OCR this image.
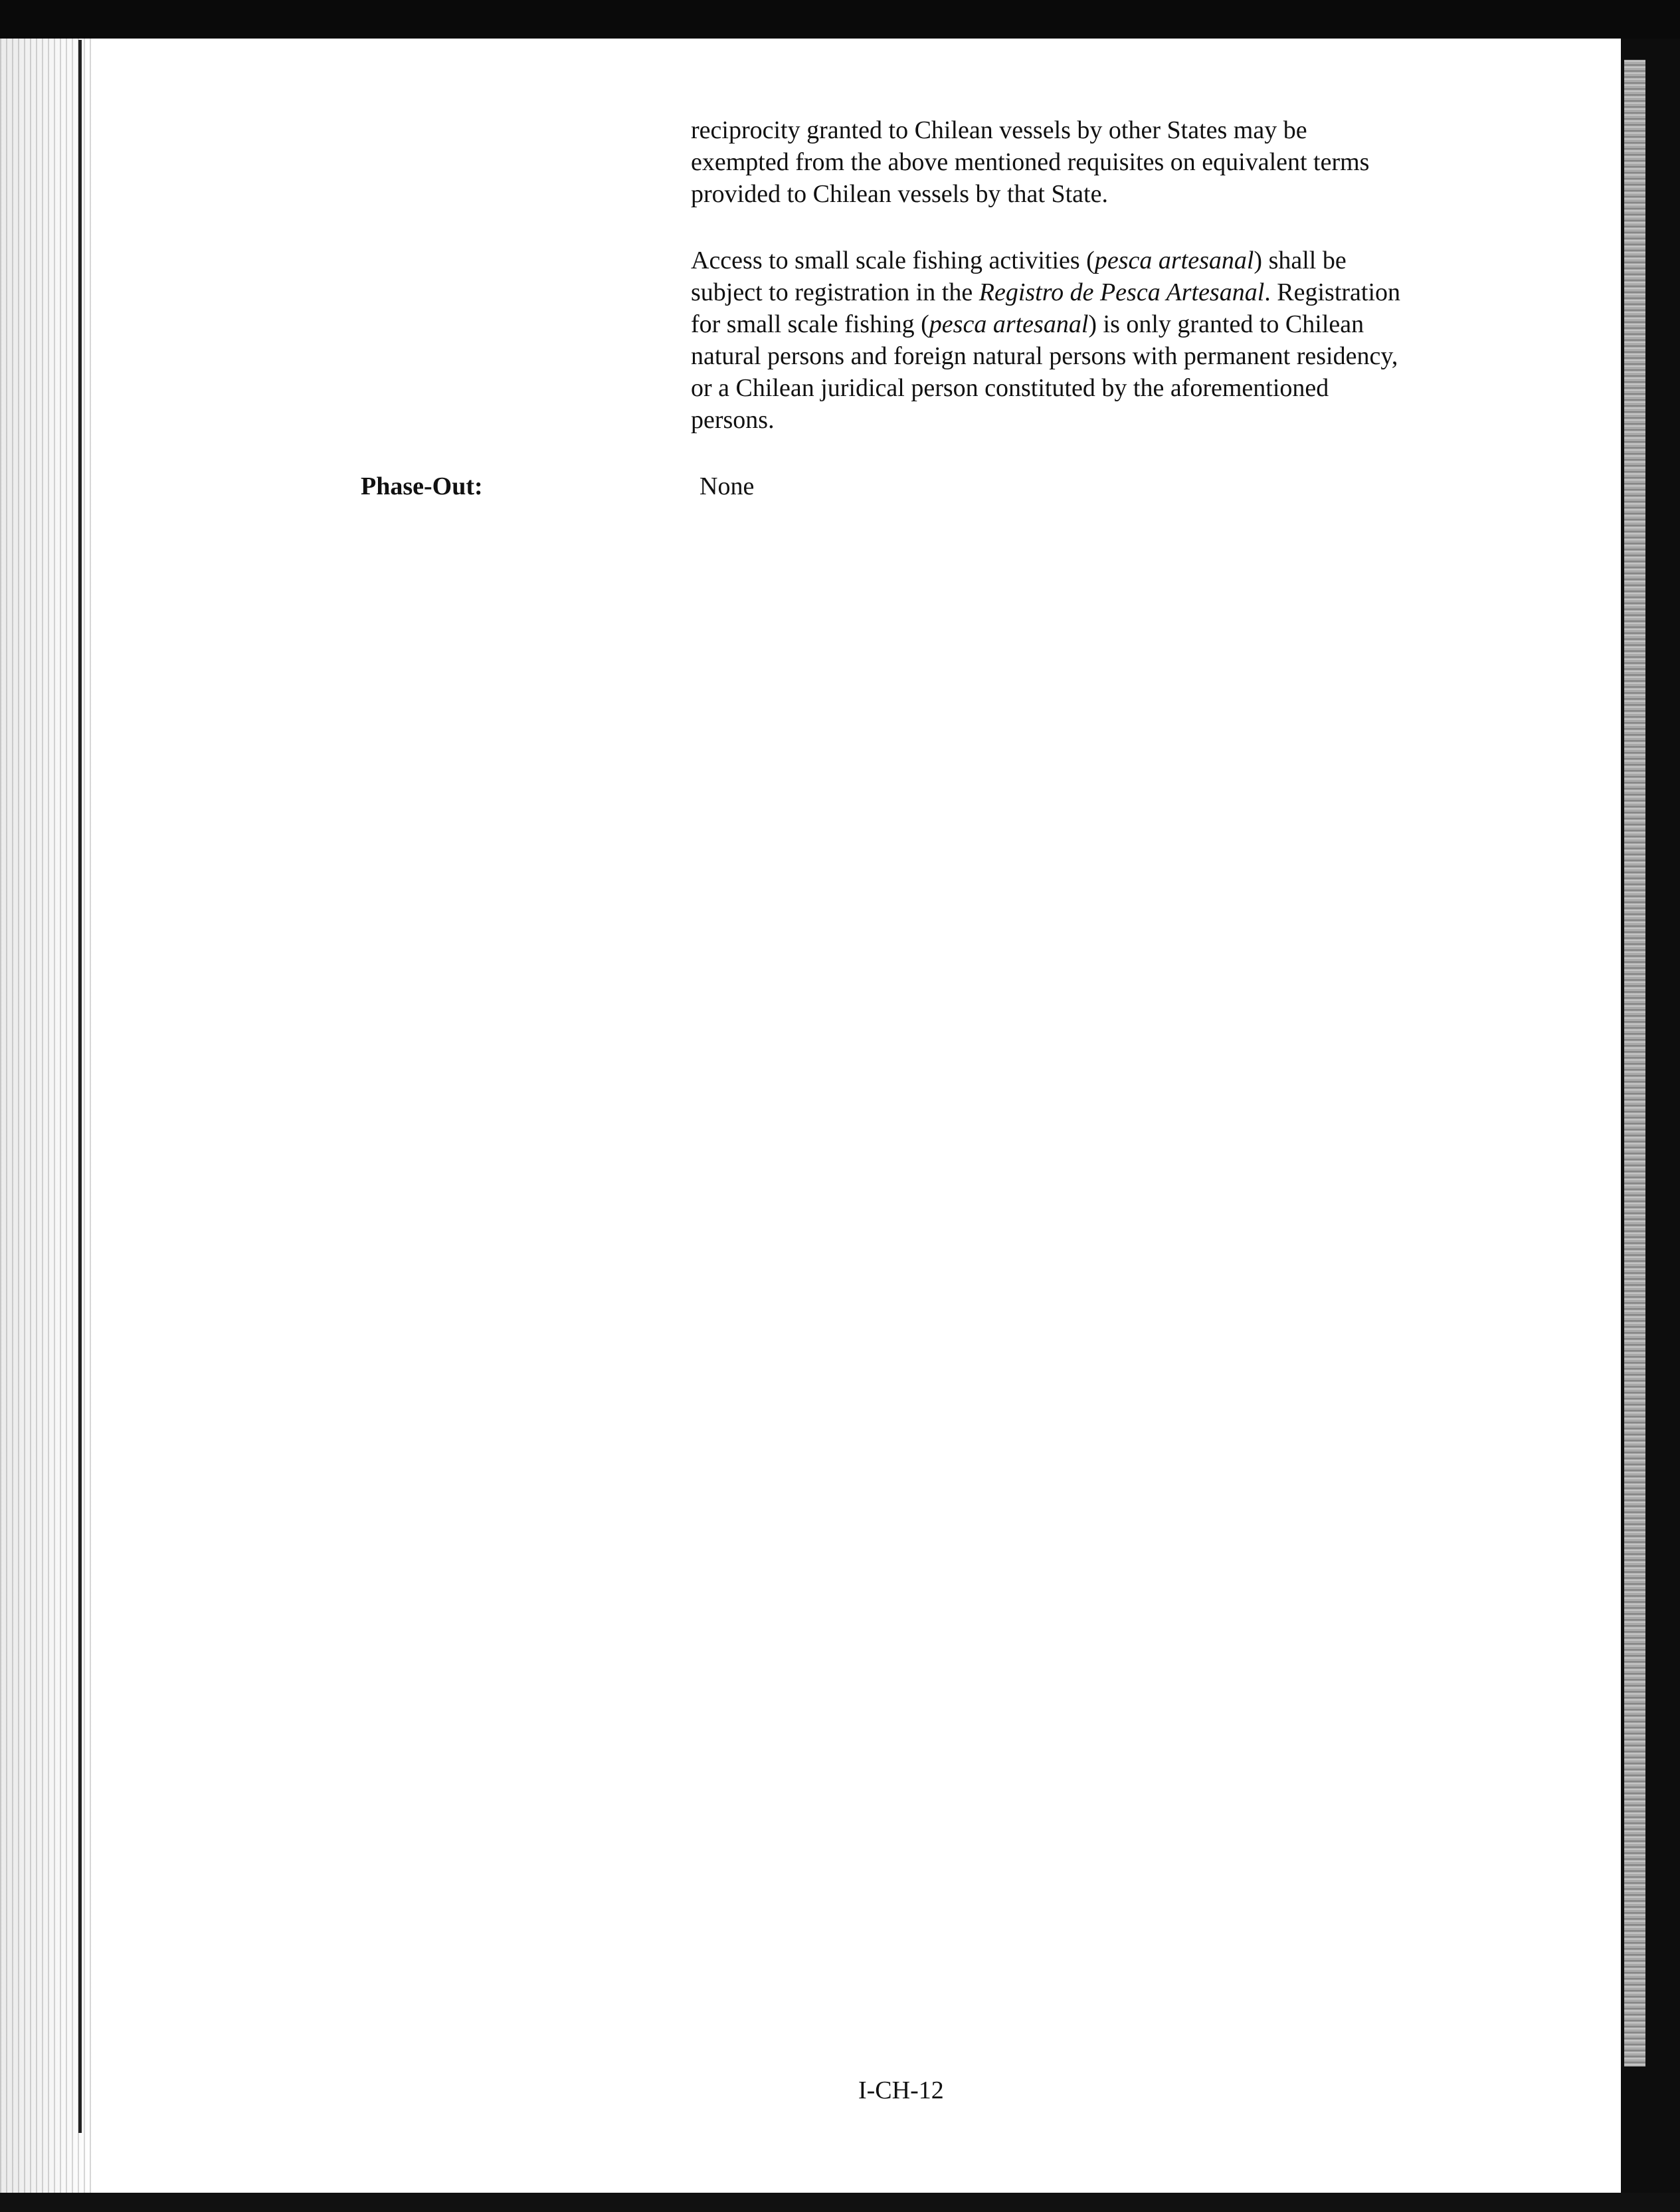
reciprocity granted to Chilean vessels by other States may be exempted from the above mentioned requisites on equivalent terms provided to Chilean vessels by that State.

Access to small scale fishing activities (pesca artesanal) shall be subject to registration in the Registro de Pesca Artesanal. Registration for small scale fishing (pesca artesanal) is only granted to Chilean natural persons and foreign natural persons with permanent residency, or a Chilean juridical person constituted by the aforementioned persons.

Phase-Out:	None

I-CH-12
